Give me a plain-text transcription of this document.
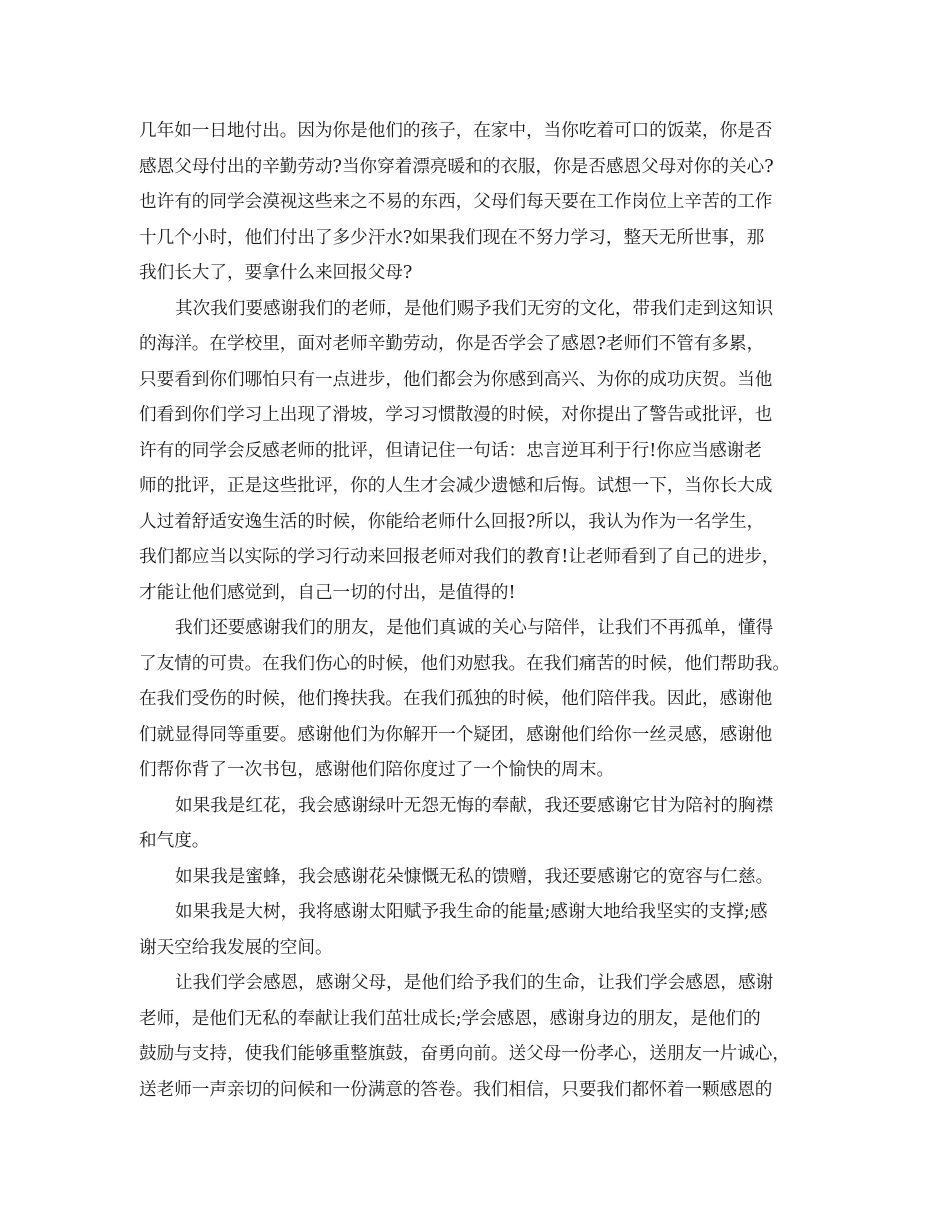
几年如一日地付出。因为你是他们的孩子，在家中，当你吃着可口的饭菜，你是否
感恩父母付出的辛勤劳动?当你穿着漂亮暖和的衣服，你是否感恩父母对你的关心?
也许有的同学会漠视这些来之不易的东西，父母们每天要在工作岗位上辛苦的工作
十几个小时，他们付出了多少汗水?如果我们现在不努力学习，整天无所世事，那
我们长大了，要拿什么来回报父母?
其次我们要感谢我们的老师，是他们赐予我们无穷的文化，带我们走到这知识
的海洋。在学校里，面对老师辛勤劳动，你是否学会了感恩?老师们不管有多累，
只要看到你们哪怕只有一点进步，他们都会为你感到高兴、为你的成功庆贺。当他
们看到你们学习上出现了滑坡，学习习惯散漫的时候，对你提出了警告或批评，也
许有的同学会反感老师的批评，但请记住一句话：忠言逆耳利于行!你应当感谢老
师的批评，正是这些批评，你的人生才会减少遗憾和后悔。试想一下，当你长大成
人过着舒适安逸生活的时候，你能给老师什么回报?所以，我认为作为一名学生，
我们都应当以实际的学习行动来回报老师对我们的教育!让老师看到了自己的进步，
才能让他们感觉到，自己一切的付出，是值得的!
我们还要感谢我们的朋友，是他们真诚的关心与陪伴，让我们不再孤单，懂得
了友情的可贵。在我们伤心的时候，他们劝慰我。在我们痛苦的时候，他们帮助我。
在我们受伤的时候，他们搀扶我。在我们孤独的时候，他们陪伴我。因此，感谢他
们就显得同等重要。感谢他们为你解开一个疑团，感谢他们给你一丝灵感，感谢他
们帮你背了一次书包，感谢他们陪你度过了一个愉快的周末。
如果我是红花，我会感谢绿叶无怨无悔的奉献，我还要感谢它甘为陪衬的胸襟
和气度。
如果我是蜜蜂，我会感谢花朵慷慨无私的馈赠，我还要感谢它的宽容与仁慈。
如果我是大树，我将感谢太阳赋予我生命的能量;感谢大地给我坚实的支撑;感
谢天空给我发展的空间。
让我们学会感恩，感谢父母，是他们给予我们的生命，让我们学会感恩，感谢
老师，是他们无私的奉献让我们茁壮成长;学会感恩，感谢身边的朋友，是他们的
鼓励与支持，使我们能够重整旗鼓，奋勇向前。送父母一份孝心，送朋友一片诚心，
送老师一声亲切的问候和一份满意的答卷。我们相信，只要我们都怀着一颗感恩的
